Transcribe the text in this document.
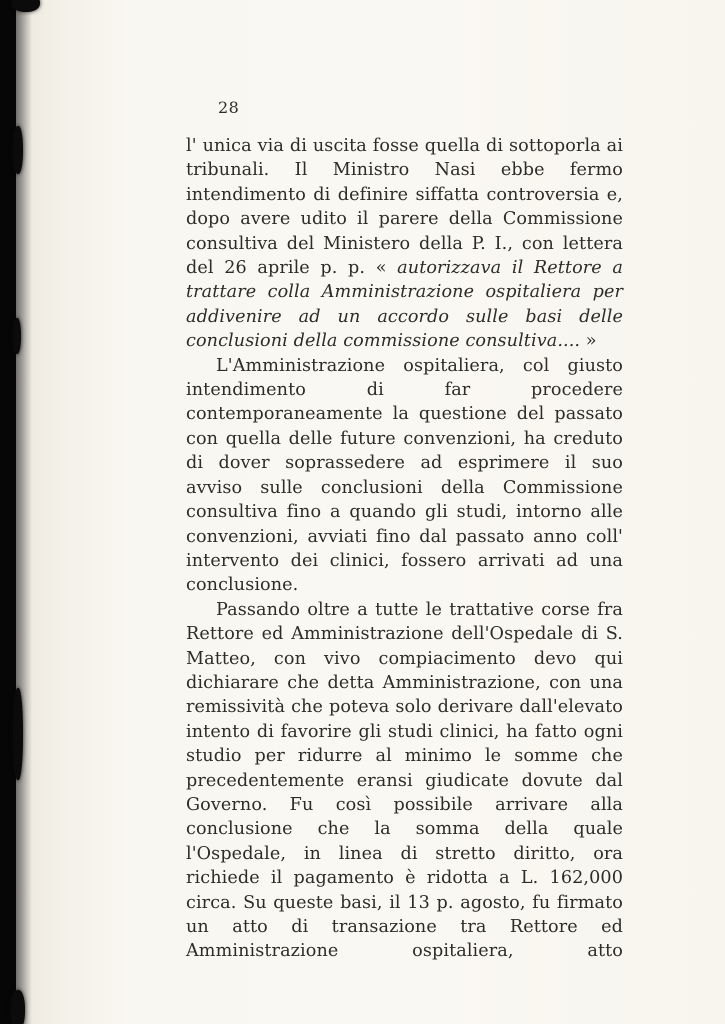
28

l' unica via di uscita fosse quella di sottoporla ai tribunali. Il Ministro Nasi ebbe fermo intendimento di definire siffatta controversia e, dopo avere udito il parere della Commissione consultiva del Ministero della P. I., con lettera del 26 aprile p. p. « autorizzava il Rettore a trattare colla Amministrazione ospitaliera per addivenire ad un accordo sulle basi delle conclusioni della commissione consultiva.... »

L'Amministrazione ospitaliera, col giusto intendimento di far procedere contemporaneamente la questione del passato con quella delle future convenzioni, ha creduto di dover soprassedere ad esprimere il suo avviso sulle conclusioni della Commissione consultiva fino a quando gli studi, intorno alle convenzioni, avviati fino dal passato anno coll' intervento dei clinici, fossero arrivati ad una conclusione.

Passando oltre a tutte le trattative corse fra Rettore ed Amministrazione dell'Ospedale di S. Matteo, con vivo compiacimento devo qui dichiarare che detta Amministrazione, con una remissività che poteva solo derivare dall'elevato intento di favorire gli studi clinici, ha fatto ogni studio per ridurre al minimo le somme che precedentemente eransi giudicate dovute dal Governo. Fu così possibile arrivare alla conclusione che la somma della quale l'Ospedale, in linea di stretto diritto, ora richiede il pagamento è ridotta a L. 162,000 circa. Su queste basi, il 13 p. agosto, fu firmato un atto di transazione tra Rettore ed Amministrazione ospitaliera, atto
